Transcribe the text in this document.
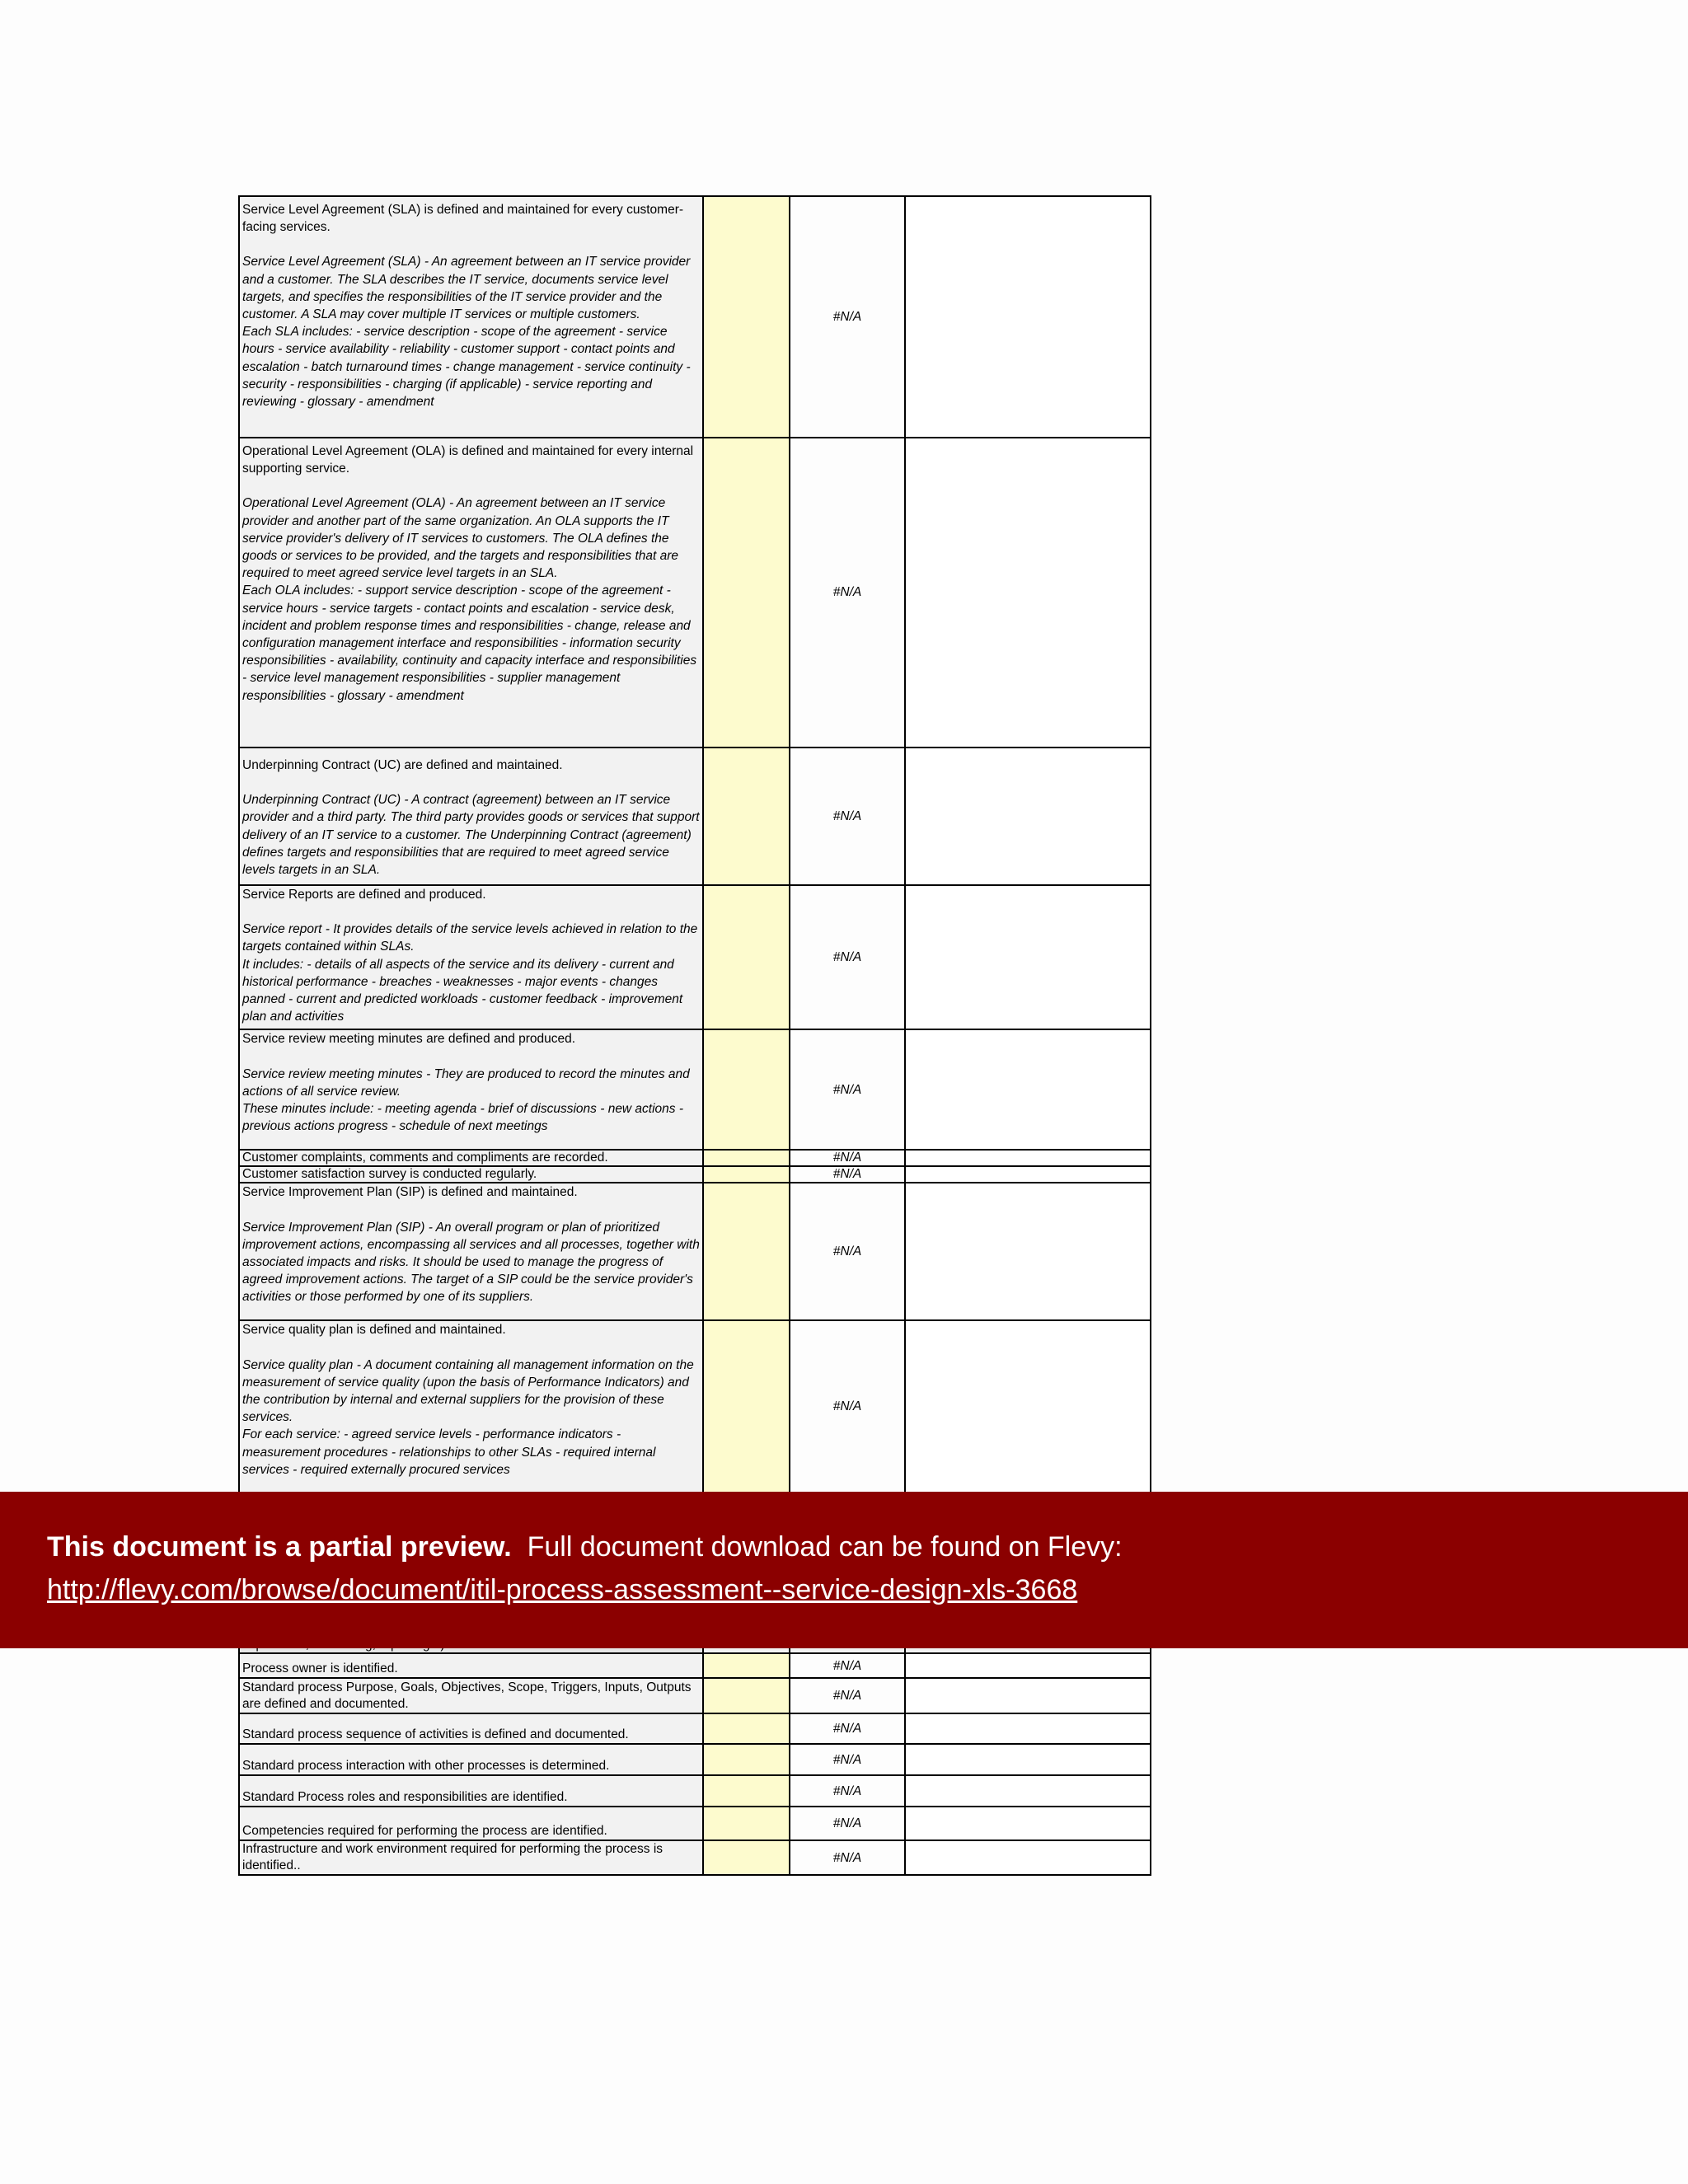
Service Level Agreement (SLA) is defined and maintained for every customer-facing services.
Service Level Agreement (SLA) - An agreement between an IT service provider and a customer. The SLA describes the IT service, documents service level targets, and specifies the responsibilities of the IT service provider and the customer. A SLA may cover multiple IT services or multiple customers.
Each SLA includes: - service description - scope of the agreement - service hours - service availability - reliability - customer support - contact points and escalation - batch turnaround times - change management - service continuity - security - responsibilities - charging (if applicable) - service reporting and reviewing - glossary - amendment		#N/A	

Operational Level Agreement (OLA) is defined and maintained for every internal supporting service.
Operational Level Agreement (OLA) - An agreement between an IT service provider and another part of the same organization. An OLA supports the IT service provider's delivery of IT services to customers. The OLA defines the goods or services to be provided, and the targets and responsibilities that are required to meet agreed service level targets in an SLA.
Each OLA includes: - support service description - scope of the agreement - service hours - service targets - contact points and escalation - service desk, incident and problem response times and responsibilities - change, release and configuration management interface and responsibilities - information security responsibilities - availability, continuity and capacity interface and responsibilities - service level management responsibilities - supplier management responsibilities - glossary - amendment		#N/A	

Underpinning Contract (UC) are defined and maintained.
Underpinning Contract (UC) - A contract (agreement) between an IT service provider and a third party. The third party provides goods or services that support delivery of an IT service to a customer. The Underpinning Contract (agreement) defines targets and responsibilities that are required to meet agreed service levels targets in an SLA.		#N/A	

Service Reports are defined and produced.
Service report - It provides details of the service levels achieved in relation to the targets contained within SLAs.
It includes: - details of all aspects of the service and its delivery - current and historical performance - breaches - weaknesses - major events - changes panned - current and predicted workloads - customer feedback - improvement plan and activities		#N/A	

Service review meeting minutes are defined and produced.
Service review meeting minutes - They are produced to record the minutes and actions of all service review.
These minutes include: - meeting agenda - brief of discussions - new actions - previous actions progress - schedule of next meetings		#N/A	
Customer complaints, comments and compliments are recorded.		#N/A	
Customer satisfaction survey is conducted regularly.		#N/A	

Service Improvement Plan (SIP) is defined and maintained.
Service Improvement Plan (SIP) - An overall program or plan of prioritized improvement actions, encompassing all services and all processes, together with associated impacts and risks. It should be used to manage the progress of agreed improvement actions. The target of a SIP could be the service provider's activities or those performed by one of its suppliers.		#N/A	

Service quality plan is defined and maintained.
Service quality plan - A document containing all management information on the measurement of service quality (upon the basis of Performance Indicators) and the contribution by internal and external suppliers for the provision of these services.
For each service: - agreed service levels - performance indicators - measurement procedures - relationships to other SLAs - required internal services - required externally procured services		#N/A	

Process owner is identified.		#N/A	
Standard process Purpose, Goals, Objectives, Scope, Triggers, Inputs, Outputs are defined and documented.		#N/A	
Standard process sequence of activities is defined and documented.		#N/A	
Standard process interaction with other processes is determined.		#N/A	
Standard Process roles and responsibilities are identified.		#N/A	
Competencies required for performing the process are identified.		#N/A	
Infrastructure and work environment required for performing the process is identified..		#N/A	
This document is a partial preview. Full document download can be found on Flevy:
http://flevy.com/browse/document/itil-process-assessment--service-design-xls-3668
